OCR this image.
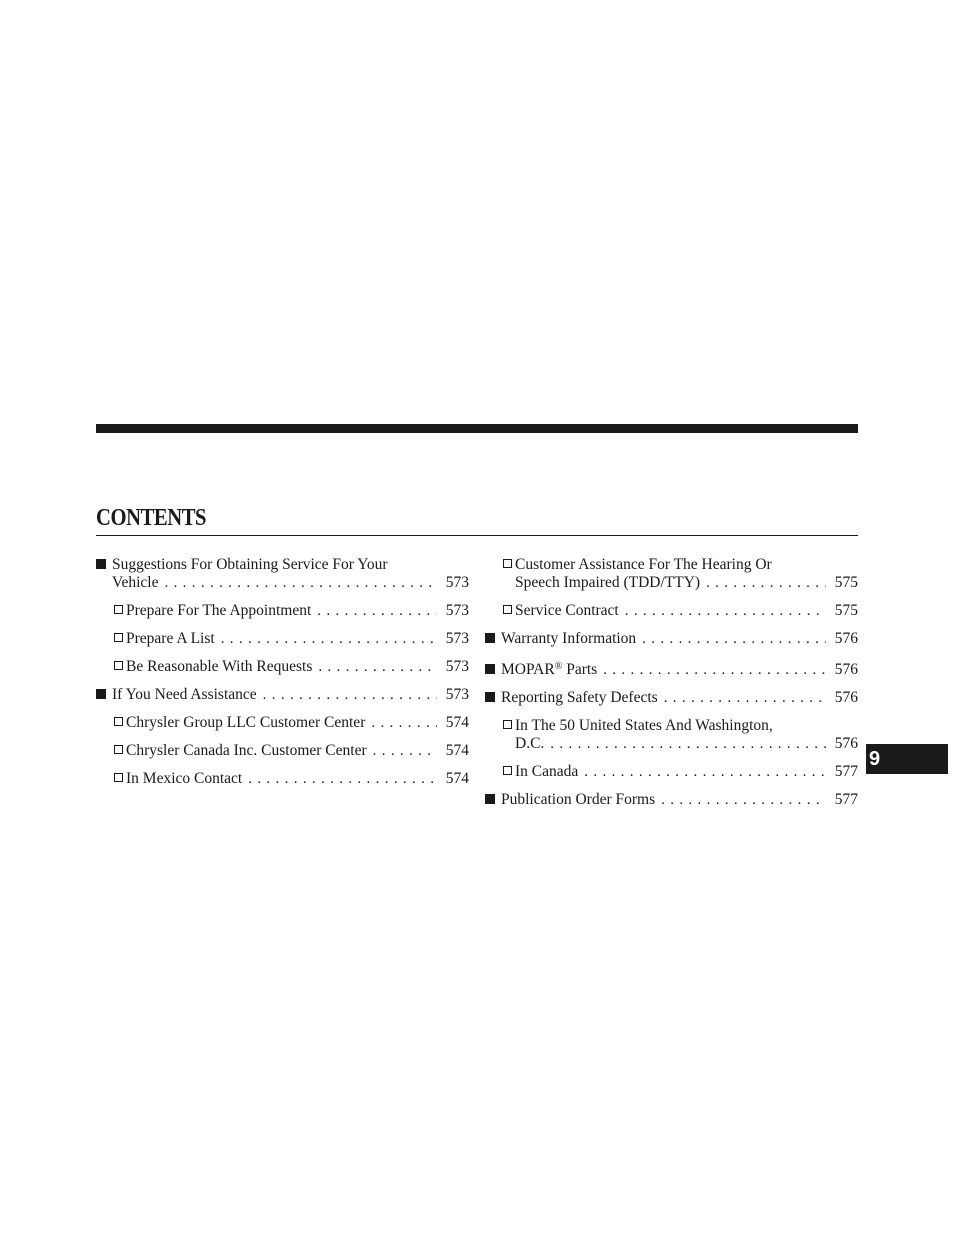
CONTENTS
Suggestions For Obtaining Service For Your
Vehicle . . .	573
Prepare For The Appointment . . .	573
Prepare A List . . .	573
Be Reasonable With Requests . . .	573
If You Need Assistance . . .	573
Chrysler Group LLC Customer Center . . .	574
Chrysler Canada Inc. Customer Center . . .	574
In Mexico Contact . . .	574
Customer Assistance For The Hearing Or
Speech Impaired (TDD/TTY) . . .	575
Service Contract . . .	575
Warranty Information . . .	576
MOPAR® Parts . . .	576
Reporting Safety Defects . . .	576
In The 50 United States And Washington,
D.C. . . .	576
In Canada . . .	577
Publication Order Forms . . .	577
9
